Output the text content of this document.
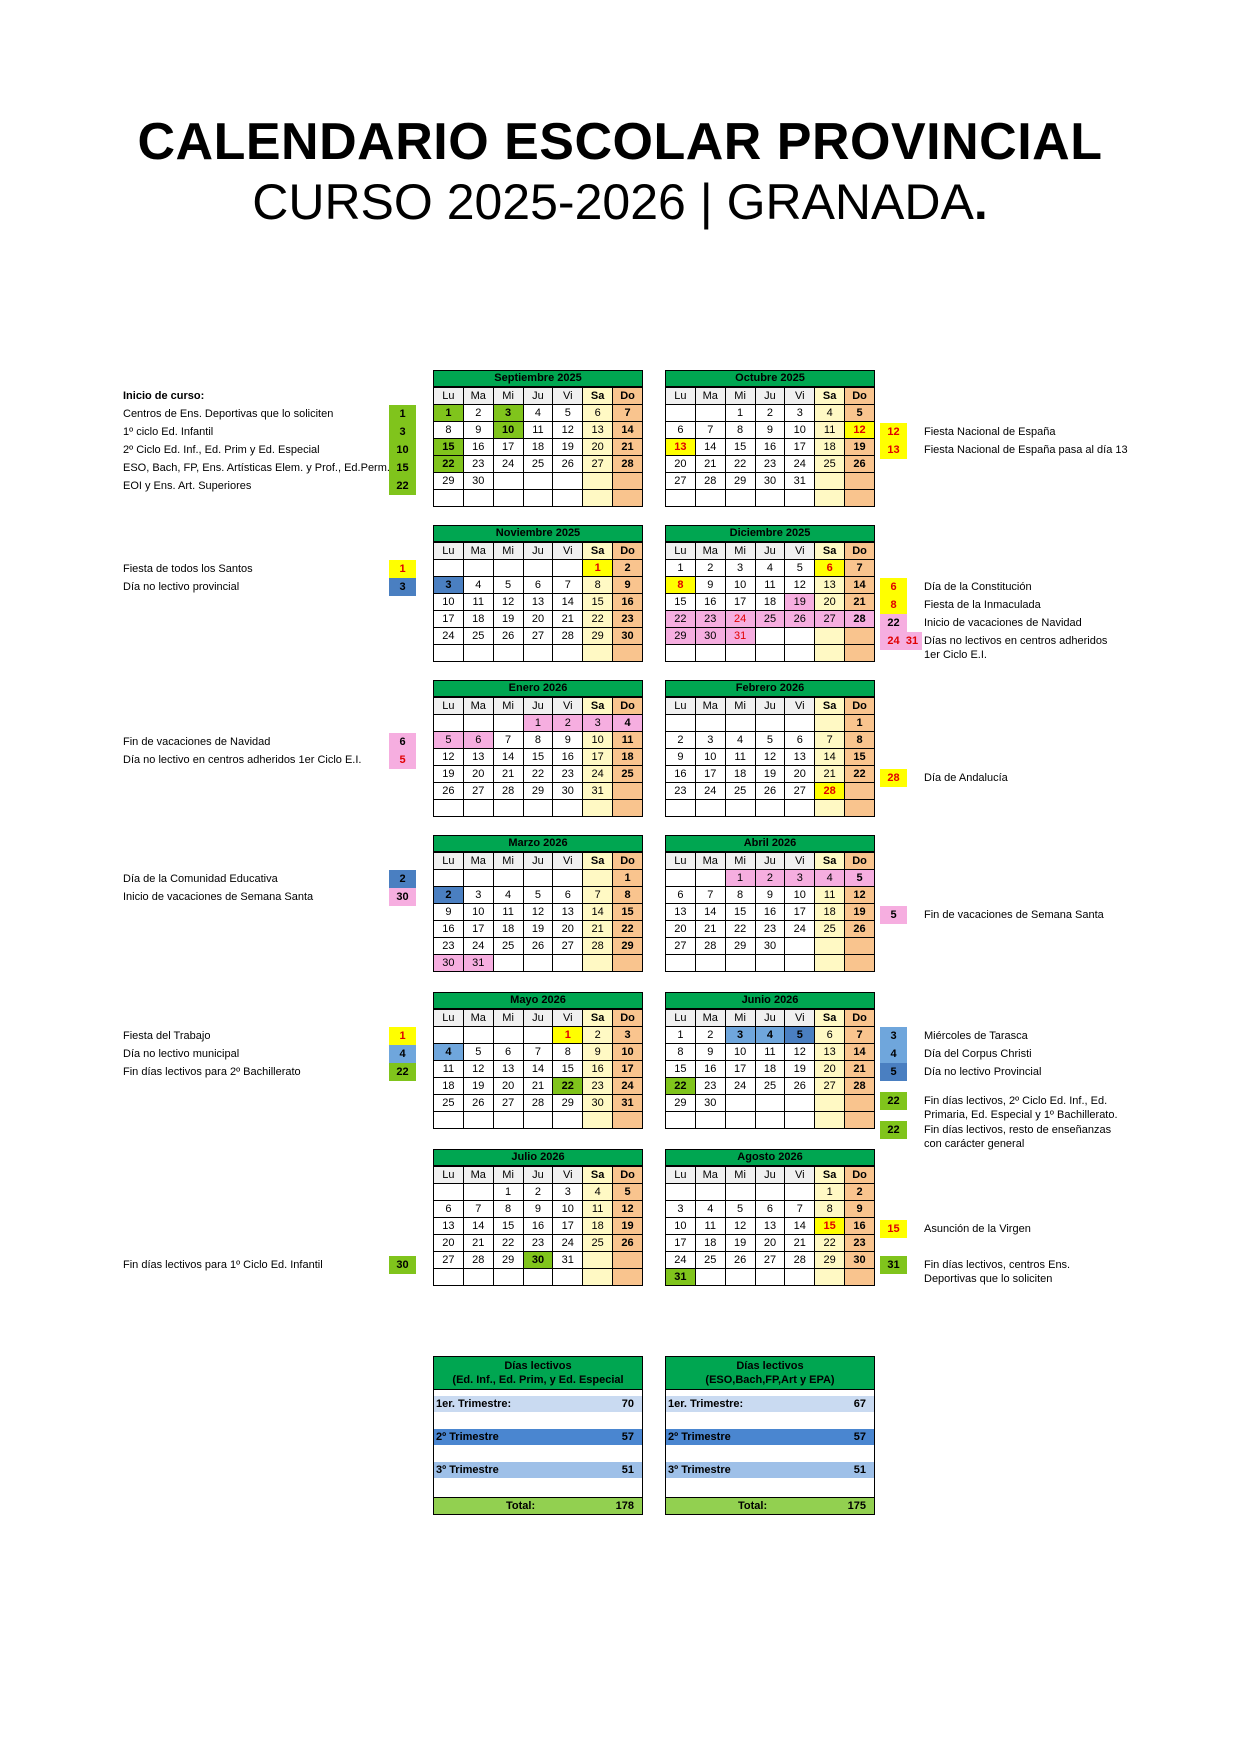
CALENDARIO ESCOLAR PROVINCIAL
CURSO 2025-2026 | GRANADA.
Septiembre 2025
Lu	Ma	Mi	Ju	Vi	Sa	Do
1	2	3	4	5	6	7
8	9	10	11	12	13	14
15	16	17	18	19	20	21
22	23	24	25	26	27	28
29	30					

Octubre 2025
Lu	Ma	Mi	Ju	Vi	Sa	Do
		1	2	3	4	5
6	7	8	9	10	11	12
13	14	15	16	17	18	19
20	21	22	23	24	25	26
27	28	29	30	31		

Noviembre 2025
Lu	Ma	Mi	Ju	Vi	Sa	Do
					1	2
3	4	5	6	7	8	9
10	11	12	13	14	15	16
17	18	19	20	21	22	23
24	25	26	27	28	29	30

Diciembre 2025
Lu	Ma	Mi	Ju	Vi	Sa	Do
1	2	3	4	5	6	7
8	9	10	11	12	13	14
15	16	17	18	19	20	21
22	23	24	25	26	27	28
29	30	31				

Enero 2026
Lu	Ma	Mi	Ju	Vi	Sa	Do
			1	2	3	4
5	6	7	8	9	10	11
12	13	14	15	16	17	18
19	20	21	22	23	24	25
26	27	28	29	30	31	

Febrero 2026
Lu	Ma	Mi	Ju	Vi	Sa	Do
						1
2	3	4	5	6	7	8
9	10	11	12	13	14	15
16	17	18	19	20	21	22
23	24	25	26	27	28	

Marzo 2026
Lu	Ma	Mi	Ju	Vi	Sa	Do
						1
2	3	4	5	6	7	8
9	10	11	12	13	14	15
16	17	18	19	20	21	22
23	24	25	26	27	28	29
30	31					
Abril 2026
Lu	Ma	Mi	Ju	Vi	Sa	Do
		1	2	3	4	5
6	7	8	9	10	11	12
13	14	15	16	17	18	19
20	21	22	23	24	25	26
27	28	29	30			

Mayo 2026
Lu	Ma	Mi	Ju	Vi	Sa	Do
				1	2	3
4	5	6	7	8	9	10
11	12	13	14	15	16	17
18	19	20	21	22	23	24
25	26	27	28	29	30	31

Junio 2026
Lu	Ma	Mi	Ju	Vi	Sa	Do
1	2	3	4	5	6	7
8	9	10	11	12	13	14
15	16	17	18	19	20	21
22	23	24	25	26	27	28
29	30					

Julio 2026
Lu	Ma	Mi	Ju	Vi	Sa	Do
		1	2	3	4	5
6	7	8	9	10	11	12
13	14	15	16	17	18	19
20	21	22	23	24	25	26
27	28	29	30	31		

Agosto 2026
Lu	Ma	Mi	Ju	Vi	Sa	Do
					1	2
3	4	5	6	7	8	9
10	11	12	13	14	15	16
17	18	19	20	21	22	23
24	25	26	27	28	29	30
31						
Inicio de curso:
1
Centros de Ens. Deportivas que lo soliciten
3
1º ciclo Ed. Infantil
10
2º Ciclo Ed. Inf., Ed. Prim y Ed. Especial
15
ESO, Bach, FP, Ens. Artísticas Elem. y Prof., Ed.Perm.
22
EOI y Ens. Art. Superiores
1
Fiesta de todos los Santos
3
Día no lectivo provincial
6
Fin de vacaciones de Navidad
5
Día no lectivo en centros adheridos 1er Ciclo E.I.
2
Día de la Comunidad Educativa
30
Inicio de vacaciones de Semana Santa
1
Fiesta del Trabajo
4
Día no lectivo municipal
22
Fin días lectivos para 2º Bachillerato
30
Fin días lectivos para 1º Ciclo Ed. Infantil
12	Fiesta Nacional de España
13	Fiesta Nacional de España pasa al día 13
6	Día de la Constitución
8	Fiesta de la Inmaculada
22	Inicio de vacaciones de Navidad
24 31 Días no lectivos en centros adheridos
1er Ciclo E.I.
28	Día de Andalucía
5	Fin de vacaciones de Semana Santa
3	Miércoles de Tarasca
4	Día del Corpus Christi
5	Día no lectivo Provincial
22	Fin días lectivos, 2º Ciclo Ed. Inf., Ed.
Primaria, Ed. Especial y 1º Bachillerato.
22	Fin días lectivos, resto de enseñanzas
con carácter general
15	Asunción de la Virgen
31	Fin días lectivos, centros Ens.
Deportivas que lo soliciten
Días lectivos
(Ed. Inf., Ed. Prim, y Ed. Especial
1er. Trimestre:	70
2º Trimestre	57
3º Trimestre	51
Total:	178
Días lectivos
(ESO,Bach,FP,Art y EPA)
1er. Trimestre:	67
2º Trimestre	57
3º Trimestre	51
Total:	175
